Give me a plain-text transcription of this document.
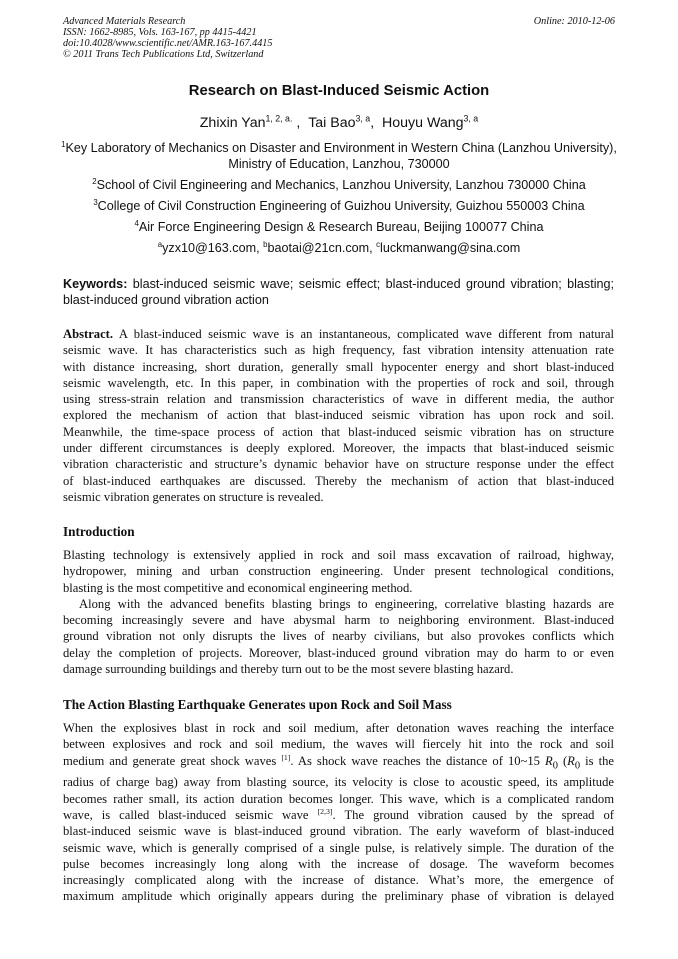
Advanced Materials Research
ISSN: 1662-8985, Vols. 163-167, pp 4415-4421
doi:10.4028/www.scientific.net/AMR.163-167.4415
© 2011 Trans Tech Publications Ltd, Switzerland
Online: 2010-12-06
Research on Blast-Induced Seismic Action
Zhixin Yan$^{1, 2, a.}$ ,  Tai Bao$^{3, a}$,  Houyu Wang$^{3, a}$
$^1$Key Laboratory of Mechanics on Disaster and Environment in Western China (Lanzhou University),
Ministry of Education, Lanzhou, 730000
$^2$School of Civil Engineering and Mechanics, Lanzhou University, Lanzhou 730000 China
$^3$College of Civil Construction Engineering of Guizhou University, Guizhou 550003 China
$^4$Air Force Engineering Design & Research Bureau, Beijing 100077 China
$^a$yzx10@163.com, $^b$baotai@21cn.com, $^c$luckmanwang@sina.com
Keywords: blast-induced seismic wave; seismic effect; blast-induced ground vibration; blasting;
blast-induced ground vibration action
Abstract. A blast-induced seismic wave is an instantaneous, complicated wave different from natural
seismic wave. It has characteristics such as high frequency, fast vibration intensity attenuation rate
with distance increasing, short duration, generally small hypocenter energy and short blast-induced
seismic wavelength, etc. In this paper, in combination with the properties of rock and soil, through
using stress-strain relation and transmission characteristics of wave in different media, the author
explored the mechanism of action that blast-induced seismic vibration has upon rock and soil.
Meanwhile, the time-space process of action that blast-induced seismic vibration has on structure
under different circumstances is deeply explored. Moreover, the impacts that blast-induced seismic
vibration characteristic and structure’s dynamic behavior have on structure response under the effect
of blast-induced earthquakes are discussed. Thereby the mechanism of action that blast-induced
seismic vibration generates on structure is revealed.
Introduction
Blasting technology is extensively applied in rock and soil mass excavation of railroad, highway,
hydropower, mining and urban construction engineering. Under present technological conditions,
blasting is the most competitive and economical engineering method.
Along with the advanced benefits blasting brings to engineering, correlative blasting hazards are
becoming increasingly severe and have abysmal harm to neighboring environment. Blast-induced
ground vibration not only disrupts the lives of nearby civilians, but also provokes conflicts which
delay the completion of projects. Moreover, blast-induced ground vibration may do harm to or even
damage surrounding buildings and thereby turn out to be the most severe blasting hazard.
The Action Blasting Earthquake Generates upon Rock and Soil Mass
When the explosives blast in rock and soil medium, after detonation waves reaching the interface
between explosives and rock and soil medium, the waves will fiercely hit into the rock and soil
medium and generate great shock waves [1]. As shock wave reaches the distance of 10~15 $R_0$ ($R_0$ is the
radius of charge bag) away from blasting source, its velocity is close to acoustic speed, its amplitude
becomes rather small, its action duration becomes longer. This wave, which is a complicated random
wave, is called blast-induced seismic wave [2,3]. The ground vibration caused by the spread of
blast-induced seismic wave is blast-induced ground vibration. The early waveform of blast-induced
seismic wave, which is generally comprised of a single pulse, is relatively simple. The duration of the
pulse becomes increasingly long along with the increase of dosage. The waveform becomes
increasingly complicated along with the increase of distance. What’s more, the emergence of
maximum amplitude which originally appears during the preliminary phase of vibration is delayed
